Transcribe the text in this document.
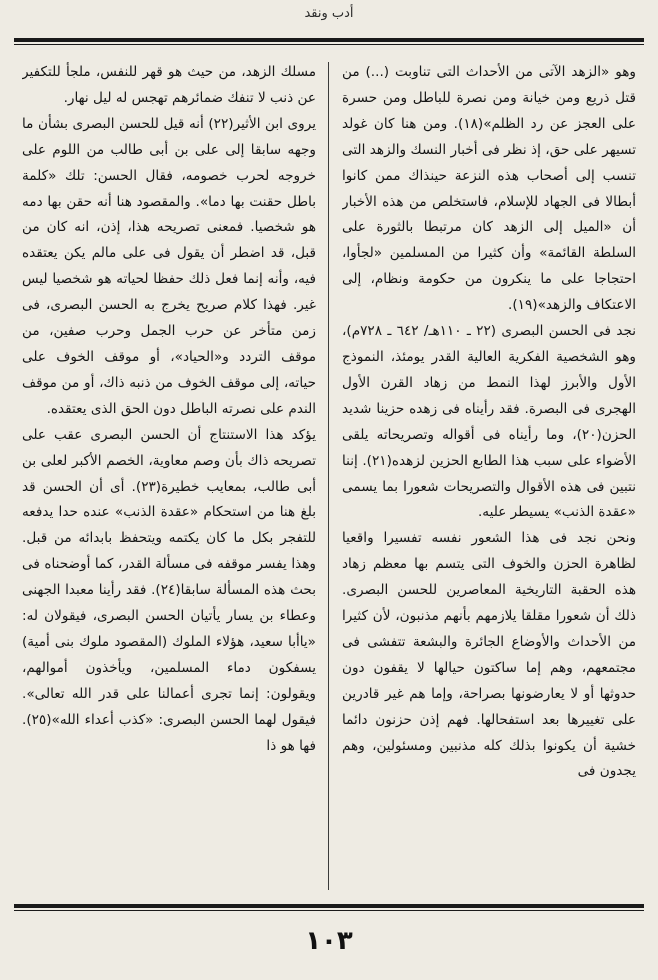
أدب ونقد

وهو «الزهد الآتى من الأحداث التى تناوبت (...) من قتل ذريع ومن خيانة ومن نصرة للباطل ومن حسرة على العجز عن رد الظلم»(١٨). ومن هنا كان غولد تسيهر على حق، إذ نظر فى أخبار النسك والزهد التى تنسب إلى أصحاب هذه النزعة حينذاك ممن كانوا أبطالا فى الجهاد للإسلام، فاستخلص من هذه الأخبار أن «الميل إلى الزهد كان مرتبطا بالثورة على السلطة القائمة» وأن كثيرا من المسلمين «لجأوا، احتجاجا على ما ينكرون من حكومة ونظام، إلى الاعتكاف والزهد»(١٩).

نجد فى الحسن البصرى (٢٢ ـ ١١٠هـ/ ٦٤٢ ـ ٧٢٨م)، وهو الشخصية الفكرية العالية القدر يومئذ، النموذج الأول والأبرز لهذا النمط من زهاد القرن الأول الهجرى فى البصرة. فقد رأيناه فى زهده حزينا شديد الحزن(٢٠)، وما رأيناه فى أقواله وتصريحاته يلقى الأضواء على سبب هذا الطابع الحزين لزهده(٢١). إننا نتبين فى هذه الأقوال والتصريحات شعورا بما يسمى «عقدة الذنب» يسيطر عليه.

ونحن نجد فى هذا الشعور نفسه تفسيرا واقعيا لظاهرة الحزن والخوف التى يتسم بها معظم زهاد هذه الحقبة التاريخية المعاصرين للحسن البصرى. ذلك أن شعورا مقلقا يلازمهم بأنهم مذنبون، لأن كثيرا من الأحداث والأوضاع الجائرة والبشعة تتفشى فى مجتمعهم، وهم إما ساكتون حيالها لا يقفون دون حدوثها أو لا يعارضونها بصراحة، وإما هم غير قادرين على تغييرها بعد استفحالها. فهم إذن حزنون دائما خشية أن يكونوا بذلك كله مذنبين ومسئولين، وهم يجدون فى

مسلك الزهد، من حيث هو قهر للنفس، ملجأ للتكفير عن ذنب لا تنفك ضمائرهم تهجس له ليل نهار.

يروى ابن الأثير(٢٢) أنه قيل للحسن البصرى بشأن ما وجهه سابقا إلى على بن أبى طالب من اللوم على خروجه لحرب خصومه، فقال الحسن: تلك «كلمة باطل حقنت بها دما». والمقصود هنا أنه حقن بها دمه هو شخصيا. فمعنى تصريحه هذا، إذن، انه كان من قبل، قد اضطر أن يقول فى على مالم يكن يعتقده فيه، وأنه إنما فعل ذلك حفظا لحياته هو شخصيا ليس غير. فهذا كلام صريح يخرج به الحسن البصرى، فى زمن متأخر عن حرب الجمل وحرب صفين، من موقف التردد و«الحياد»، أو موقف الخوف على حياته، إلى موقف الخوف من ذنبه ذاك، أو من موقف الندم على نصرته الباطل دون الحق الذى يعتقده.

يؤكد هذا الاستنتاج أن الحسن البصرى عقب على تصريحه ذاك بأن وصم معاوية، الخصم الأكبر لعلى بن أبى طالب، بمعايب خطيرة(٢٣). أى أن الحسن قد بلغ هنا من استحكام «عقدة الذنب» عنده حدا يدفعه للتفجر بكل ما كان يكتمه ويتحفظ بابدائه من قبل. وهذا يفسر موقفه فى مسألة القدر، كما أوضحناه فى بحث هذه المسألة سابقا(٢٤). فقد رأينا معبدا الجهنى وعطاء بن يسار يأتيان الحسن البصرى، فيقولان له: «ياأبا سعيد، هؤلاء الملوك (المقصود ملوك بنى أمية) يسفكون دماء المسلمين، ويأخذون أموالهم، ويقولون: إنما تجرى أعمالنا على قدر الله تعالى». فيقول لهما الحسن البصرى: «كذب أعداء الله»(٢٥). فها هو ذا

١٠٣
